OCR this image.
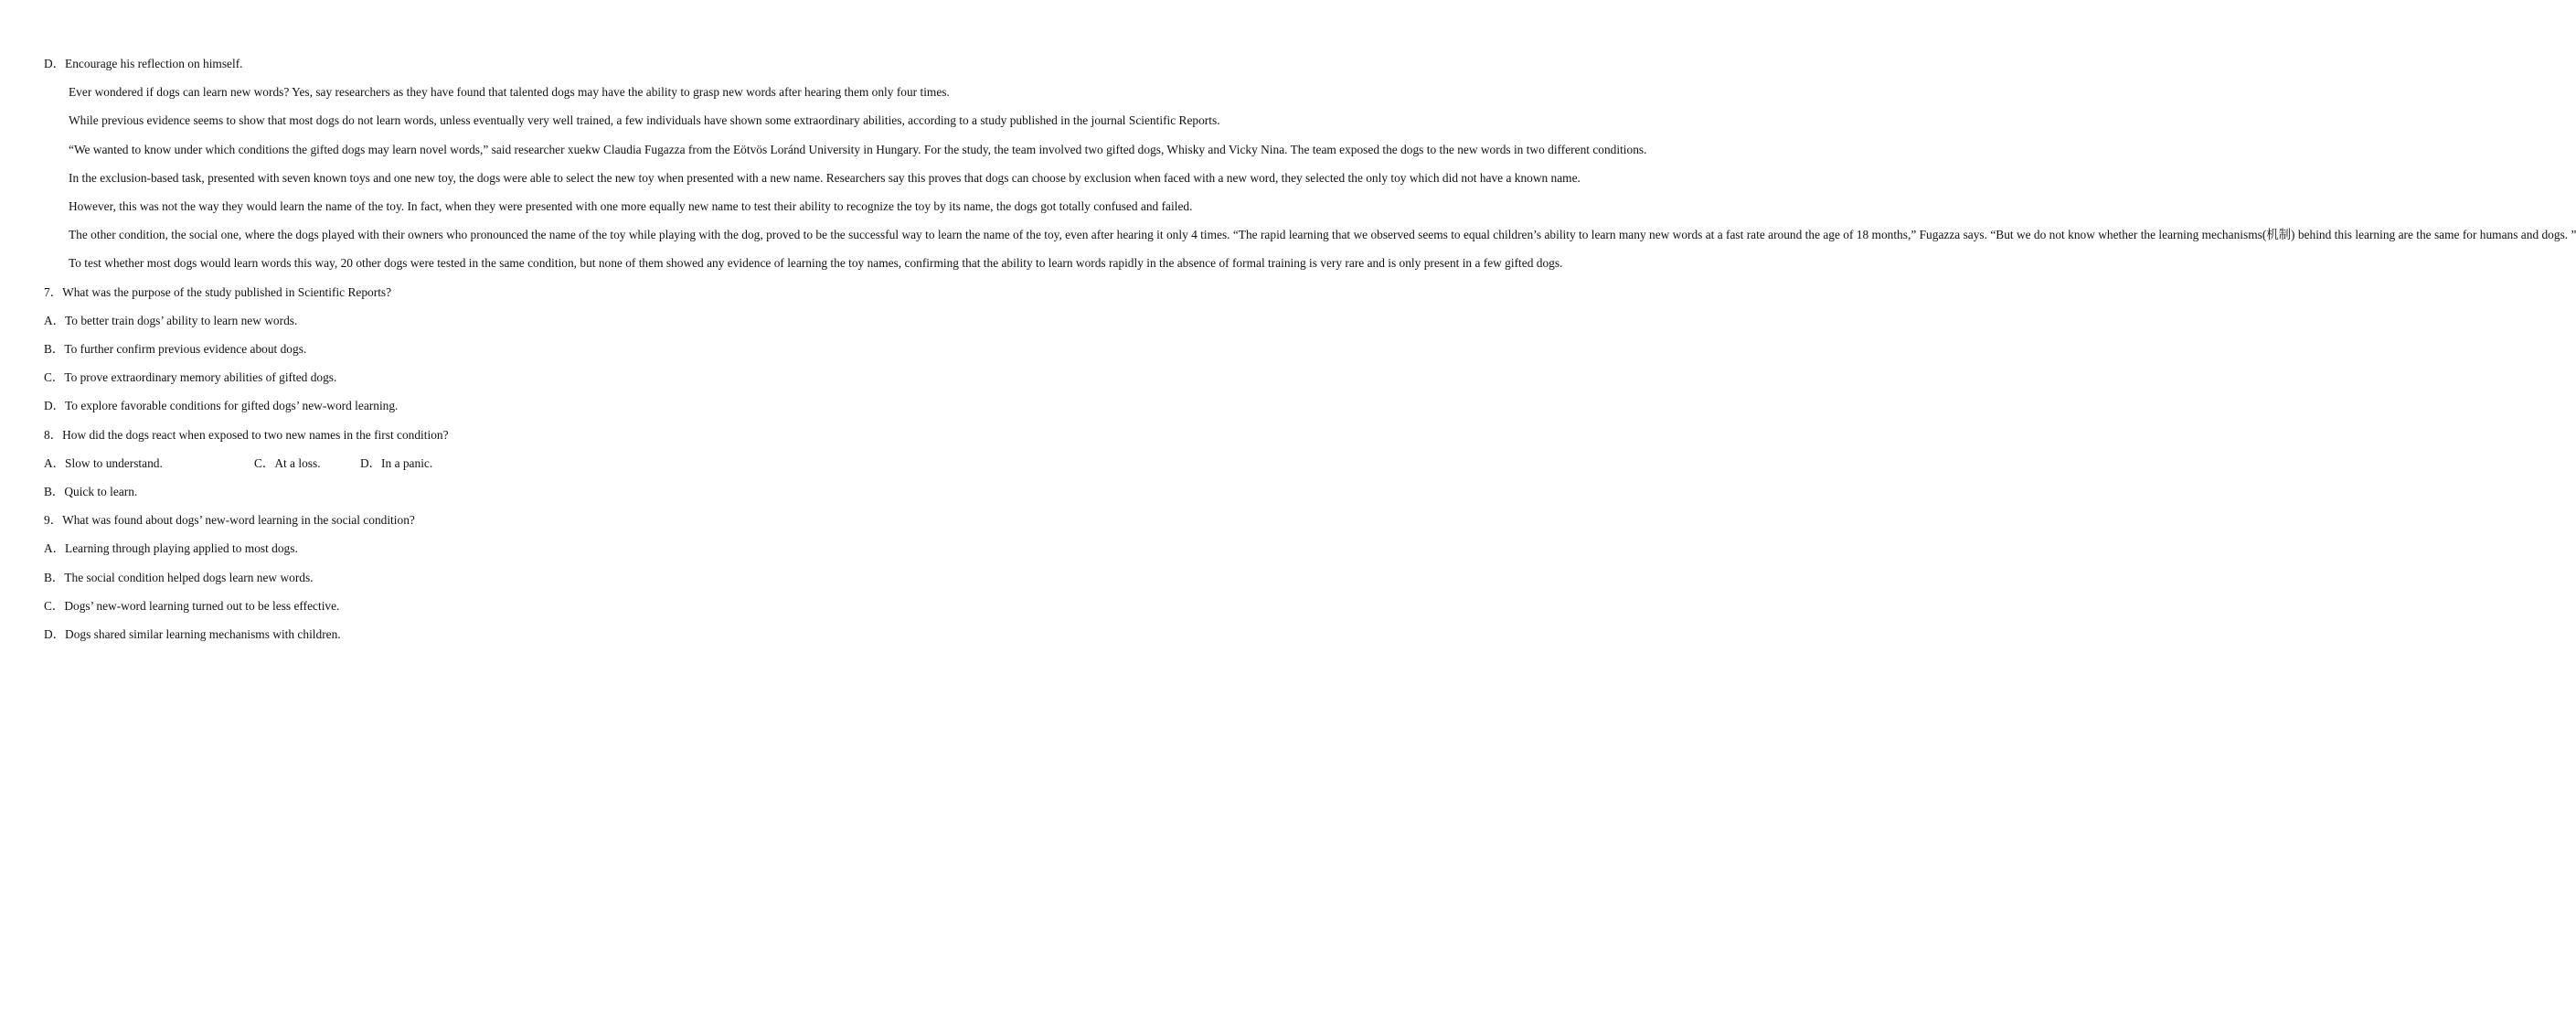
D．Encourage his reflection on himself.

Ever wondered if dogs can learn new words? Yes, say researchers as they have found that talented dogs may have the ability to grasp new words after hearing them only four times.

While previous evidence seems to show that most dogs do not learn words, unless eventually very well trained, a few individuals have shown some extraordinary abilities, according to a study published in the journal Scientific Reports.

“We wanted to know under which conditions the gifted dogs may learn novel words,” said researcher xuekw Claudia Fugazza from the Eötvös Loránd University in Hungary. For the study, the team involved two gifted dogs, Whisky and Vicky Nina. The team exposed the dogs to the new words in two different conditions.

In the exclusion-based task, presented with seven known toys and one new toy, the dogs were able to select the new toy when presented with a new name. Researchers say this proves that dogs can choose by exclusion when faced with a new word, they selected the only toy which did not have a known name.

However, this was not the way they would learn the name of the toy. In fact, when they were presented with one more equally new name to test their ability to recognize the toy by its name, the dogs got totally confused and failed.

The other condition, the social one, where the dogs played with their owners who pronounced the name of the toy while playing with the dog, proved to be the successful way to learn the name of the toy, even after hearing it only 4 times. “The rapid learning that we observed seems to equal children’s ability to learn many new words at a fast rate around the age of 18 months,” Fugazza says. “But we do not know whether the learning mechanisms(机制) behind this learning are the same for humans and dogs. ”

To test whether most dogs would learn words this way, 20 other dogs were tested in the same condition, but none of them showed any evidence of learning the toy names, confirming that the ability to learn words rapidly in the absence of formal training is very rare and is only present in a few gifted dogs.

7．What was the purpose of the study published in Scientific Reports?
A．To better train dogs’ ability to learn new words.
B．To further confirm previous evidence about dogs.
C．To prove extraordinary memory abilities of gifted dogs.
D．To explore favorable conditions for gifted dogs’ new-word learning.
8．How did the dogs react when exposed to two new names in the first condition?
A．Slow to understand.B．Quick to learn.
C．At a loss.	D．In a panic.
9．What was found about dogs’ new-word learning in the social condition?
A．Learning through playing applied to most dogs.
B．The social condition helped dogs learn new words.
C．Dogs’ new-word learning turned out to be less effective.
D．Dogs shared similar learning mechanisms with children.
